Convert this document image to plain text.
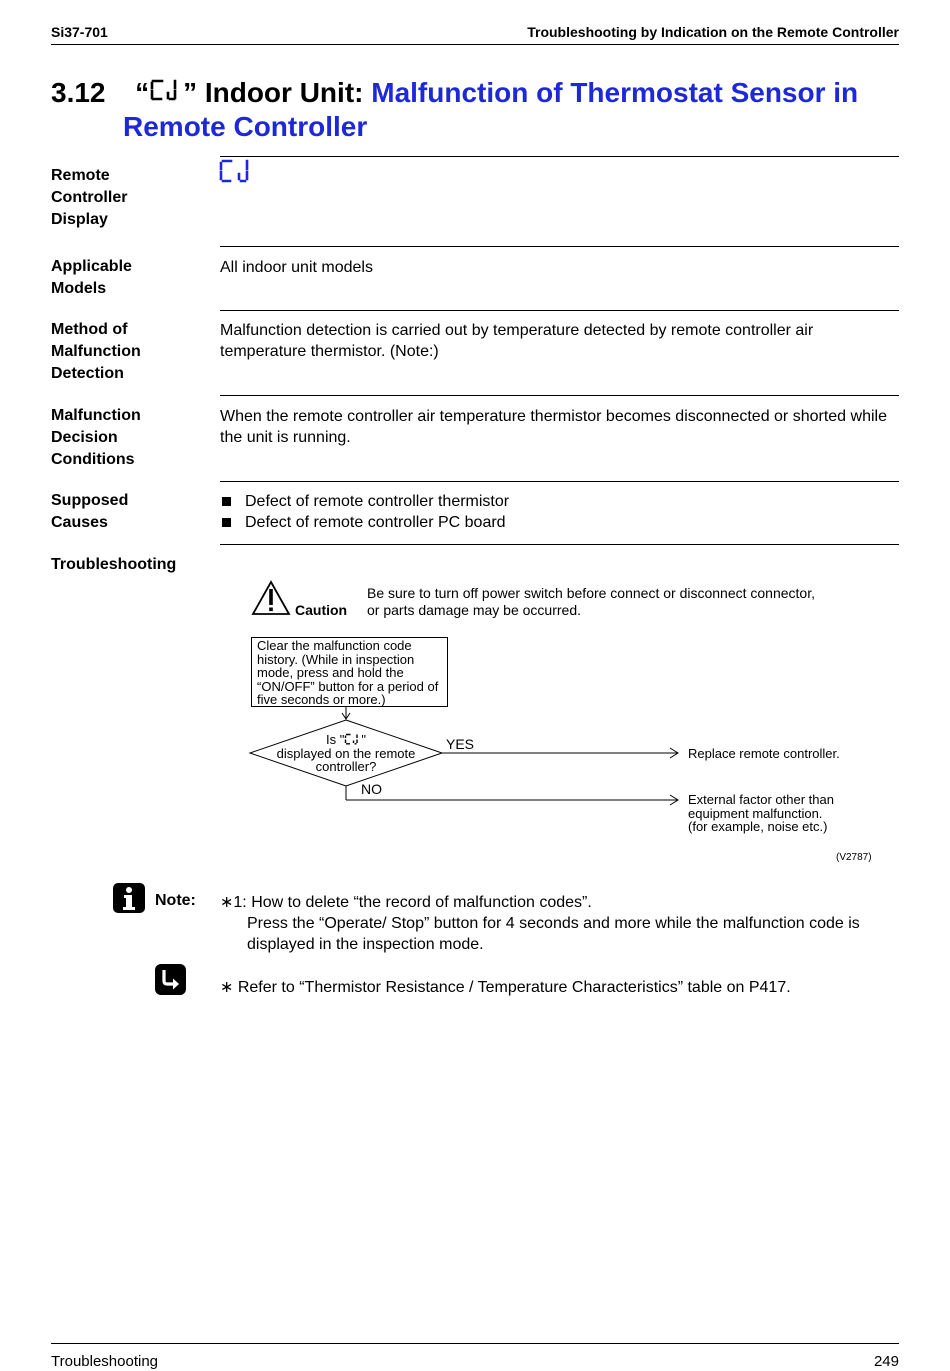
Si37-701	Troubleshooting by Indication on the Remote Controller
3.12 “ ” Indoor Unit: Malfunction of Thermostat Sensor in
Remote Controller
Remote
Controller
Display
Applicable
Models
All indoor unit models
Method of
Malfunction
Detection
Malfunction detection is carried out by temperature detected by remote controller air
temperature thermistor. (Note:)
Malfunction
Decision
Conditions
When the remote controller air temperature thermistor becomes disconnected or shorted while
the unit is running.
Supposed
Causes
Defect of remote controller thermistor
Defect of remote controller PC board
Troubleshooting
Caution
Be sure to turn off power switch before connect or disconnect connector,
or parts damage may be occurred.
Clear the malfunction code
history. (While in inspection
mode, press and hold the
“ON/OFF” button for a period of
five seconds or more.)
Is " "
displayed on the remote
controller?
YES
NO
Replace remote controller.
External factor other than
equipment malfunction.
(for example, noise etc.)
(V2787)
Note: ∗1: How to delete “the record of malfunction codes”.
Press the “Operate/ Stop” button for 4 seconds and more while the malfunction code is
displayed in the inspection mode.
∗ Refer to “Thermistor Resistance / Temperature Characteristics” table on P417.
Troubleshooting	249
